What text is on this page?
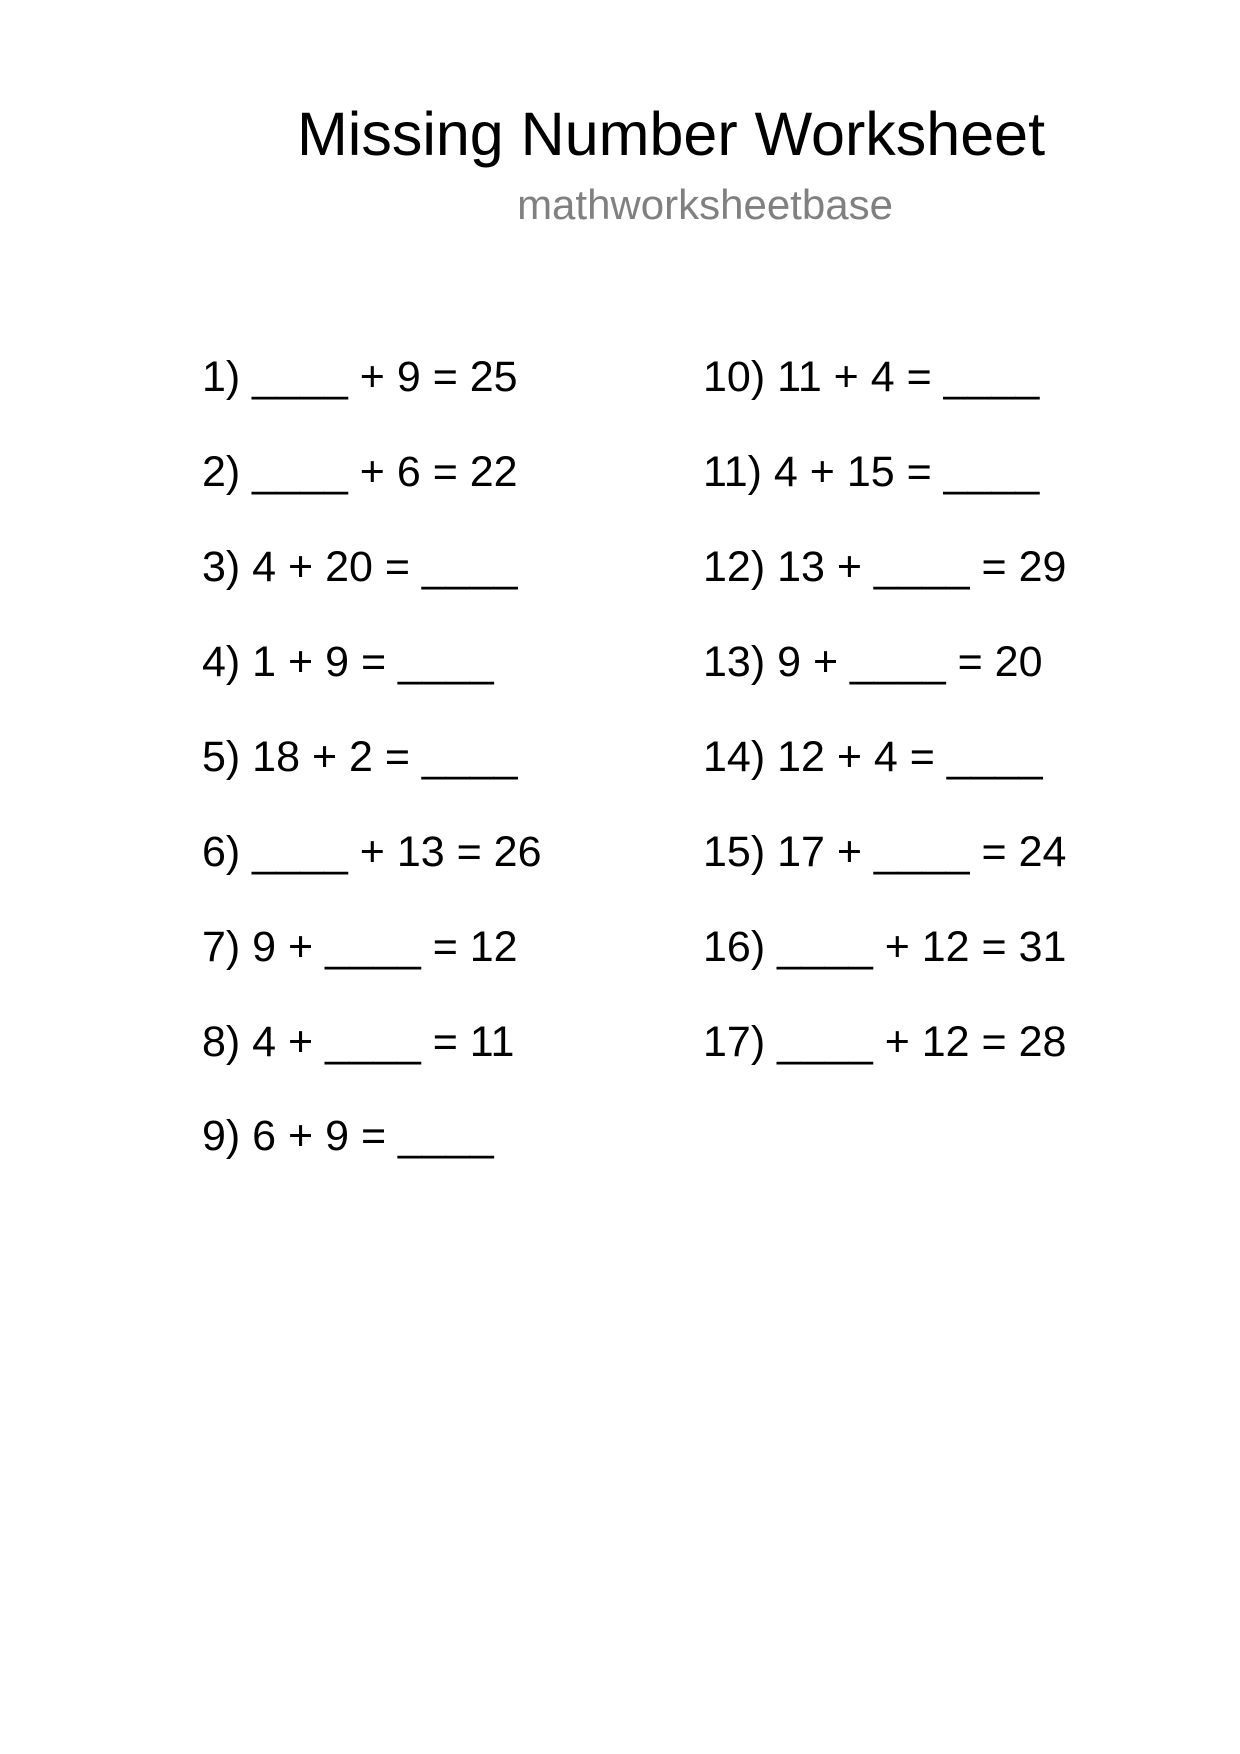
Missing Number Worksheet
mathworksheetbase
1) ____ + 9 = 25
2) ____ + 6 = 22
3) 4 + 20 = ____
4) 1 + 9 = ____
5) 18 + 2 = ____
6) ____ + 13 = 26
7) 9 + ____ = 12
8) 4 + ____ = 11
9) 6 + 9 = ____
10) 11 + 4 = ____
11) 4 + 15 = ____
12) 13 + ____ = 29
13) 9 + ____ = 20
14) 12 + 4 = ____
15) 17 + ____ = 24
16) ____ + 12 = 31
17) ____ + 12 = 28
